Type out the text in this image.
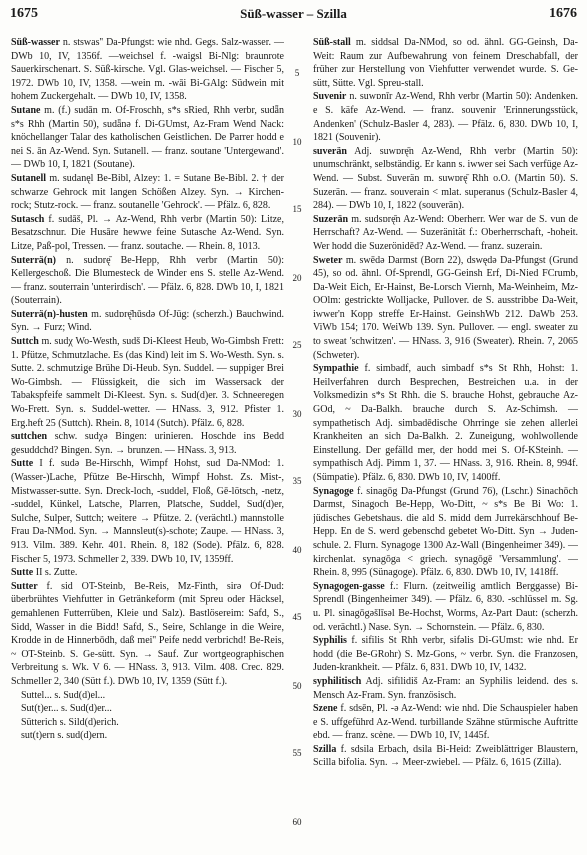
1675	Süß-wasser – Szilla	1676

Süß-wasser n. stswas'' Da-Pfungst: wie nhd. Gegs. Salz-wasser. — DWb 10, IV, 1356f. —weichsel f. -waigsl Bi-Nlg: braunrote Sauerkirschenart. S. Süß-kirsche. Vgl. Glas-weichsel. — Fischer 5, 1972. DWb 10, IV, 1358. —wein m. -wāi Bi-GAlg: Südwein mit hohem Zuckergehalt. — DWb 10, IV, 1358.

Sutane m. (f.) sudān m. Of-Froschh, s*s sRied, Rhh verbr, sudǟn s*s Rhh (Martin 50), sudǟnə f. Di-GUmst, Az-Fram Wend Nack: knöchellanger Talar des katholischen Geistlichen. De Parrer hodd e nei S. ān Az-Wend. Syn. Sutanell. — franz. soutane 'Untergewand'. — DWb 10, I, 1821 (Soutane).

Sutanell m. sudanęl Be-Bibl, Alzey: 1. = Sutane Be-Bibl. 2. † der schwarze Gehrock mit langen Schößen Alzey. Syn. → Kirchen-rock; Stutz-rock. — franz. soutanelle 'Gehrock'. — Pfälz. 6, 828.

Sutasch f. sudāš, Pl. → Az-Wend, Rhh verbr (Martin 50): Litze, Besatzschnur. Die Husāre hewwe feine Sutasche Az-Wend. Syn. Litze, Paß-pol, Tressen. — franz. soutache. — Rhein. 8, 1013.

Suterrä(n) n. sudɒrę̄ Be-Hepp, Rhh verbr (Martin 50): Kellergeschoß. Die Blumesteck de Winder ens S. stelle Az-Wend. — franz. souterrain 'unterirdisch'. — Pfälz. 6, 828. DWb 10, I, 1821 (Souterrain).

Suterrä(n)-husten m. sudɒrę̄hūsdə Of-Jüg: (scherzh.) Bauchwind. Syn. → Furz; Wind.

Suttch m. sudχ Wo-Westh, sudš Di-Kleest Heub, Wo-Gimbsh Frett: 1. Pfütze, Schmutzlache. Es (das Kind) leit im S. Wo-Westh. Syn. s. Sutte. 2. schmutzige Brühe Di-Heub. Syn. Suddel. — suppiger Brei Wo-Gimbsh. — Flüssigkeit, die sich im Wassersack der Tabakspfeife sammelt Di-Kleest. Syn. s. Sud(d)er. 3. Schneeregen Wo-Frett. Syn. s. Suddel-wetter. — HNass. 3, 912. Pfister 1. Erg.heft 25 (Suttch). Rhein. 8, 1014 (Sutch). Pfälz. 6, 828.

suttchen schw. sudχə Bingen: urinieren. Hoschde ins Bedd gesuddchd? Bingen. Syn. → brunzen. — HNass. 3, 913.

Sutte I f. sudə Be-Hirschh, Wimpf Hohst, sud Da-NMod: 1. (Wasser-)Lache, Pfütze Be-Hirschh, Wimpf Hohst. Zs. Mist-, Mistwasser-sutte. Syn. Dreck-loch, -suddel, Floß, Gē-lötsch, -netz, -suddel, Künkel, Latsche, Plarren, Platsche, Suddel, Sud(d)er, Sulche, Sulper, Suttch; weitere → Pfütze. 2. (verächtl.) mannstolle Frau Da-NMod. Syn. → Mannsleut(s)-schote; Zaupe. — HNass. 3, 913. Vilm. 389. Kehr. 401. Rhein. 8, 182 (Sode). Pfälz. 6, 828. Fischer 5, 1973. Schmeller 2, 339. DWb 10, IV, 1359ff.

Sutte II s. Zutte.

Sutter f. sid OT-Steinb, Be-Reis, Mz-Finth, sirə Of-Dud: überbrühtes Viehfutter in Getränkeform (mit Spreu oder Häcksel, gemahlenen Futterrüben, Kleie und Salz). Bastlösereim: Safd, S., Sidd, Wasser in die Bidd! Safd, S., Seire, Schlange in die Weire, Krodde in de Hinnerbōdh, daß mei'' Peife nedd verbrichd! Be-Reis, ~ OT-Steinb. S. Ge-sütt. Syn. → Sauf. Zur wortgeographischen Verbreitung s. Wk. V 6. — HNass. 3, 913. Vilm. 408. Crec. 829. Schmeller 2, 340 (Sütt f.). DWb 10, IV, 1359 (Sütt f.).

Suttel... s. Sud(d)el...

Sut(t)er... s. Sud(d)er...

Sütterich s. Sild(d)erich.

sut(t)ern s. sud(d)ern.

5
10
15
20
25
30
35
40
45
50
55
60

Süß-stall m. siddsal Da-NMod, so od. ähnl. GG-Geinsh, Da-Weit: Raum zur Aufbewahrung von feinem Dreschabfall, der früher zur Herstellung von Viehfutter verwendet wurde. S. Ge-sütt, Sütte. Vgl. Spreu-stall.

Suvenir n. suwɒnīr Az-Wend, Rhh verbr (Martin 50): Andenken. e S. käfe Az-Wend. — franz. souvenir 'Erinnerungsstück, Andenken' (Schulz-Basler 4, 283). — Pfälz. 6, 830. DWb 10, I, 1821 (Souvenir).

suverän Adj. suwɒrę̄n Az-Wend, Rhh verbr (Martin 50): unumschränkt, selbständig. Er kann s. iwwer sei Sach verfüge Az-Wend. — Subst. Suverän m. suwɒrę̄ Rhh o.O. (Martin 50). S. Suzerän. — franz. souverain < mlat. superanus (Schulz-Basler 4, 284). — DWb 10, I, 1822 (souverän).

Suzerän m. sudsɒrę̄n Az-Wend: Oberherr. Wer war de S. vun de Herrschaft? Az-Wend. — Suzeränität f.: Oberherrschaft, -hoheit. Wer hodd die Suzerönidēd? Az-Wend. — franz. suzerain.

Sweter m. swēdə Darmst (Born 22), dswędə Da-Pfungst (Grund 45), so od. ähnl. Of-Sprendl, GG-Geinsh Erf, Di-Nied FCrumb, Da-Weit Eich, Er-Hainst, Be-Lorsch Viernh, Ma-Weinheim, Mz-OOlm: gestrickte Wolljacke, Pullover. de S. ausstribbe Da-Weit, iwwer'n Kopp streffe Er-Hainst. GeinshWb 212. DaWb 253. ViWb 154; 170. WeiWb 139. Syn. Pullover. — engl. sweater zu to sweat 'schwitzen'. — HNass. 3, 916 (Sweater). Rhein. 7, 2065 (Schweter).

Sympathie f. simbadf, auch simbadf s*s St Rhh, Hohst: 1. Heilverfahren durch Besprechen, Bestreichen u.a. in der Volksmedizin s*s St Rhh. die S. brauche Hohst, gebrauche Az-GOd, ~ Da-Balkh. brauche durch S. Az-Schimsh. — sympathetisch Adj. simbadēdische Ohrringe sie zehen allerlei Krankheiten an sich Da-Balkh. 2. Zuneigung, wohlwollende Einstellung. Der gefälld mer, der hodd mei S. Of-KSteinh. — sympathisch Adj. Pimm 1, 37. — HNass. 3, 916. Rhein. 8, 994f. (Sümpatie). Pfälz. 6, 830. DWb 10, IV, 1400ff.

Synagoge f. sinagōg Da-Pfungst (Grund 76), (Lschr.) Sinachōch Darmst, Sinagoch Be-Hepp, Wo-Ditt, ~ s*s Be Bi Wo: 1. jüdisches Gebetshaus. die ald S. midd dem Jurrekärschhouf Be-Hepp. En de S. werd gebenschd gebetet Wo-Ditt. Syn → Juden-schule. 2. Flurn. Synagoge 1300 Az-Wall (Bingenheimer 349). — kirchenlat. synagōga < griech. synagōgē 'Versammlung'. — Rhein. 8, 995 (Sünagoge). Pfälz. 6, 830. DWb 10, IV, 1418ff.

Synagogen-gasse f.: Flurn. (zeitweilig amtlich Berggasse) Bi-Sprendl (Bingenheimer 349). — Pfälz. 6, 830. -schlüssel m. Sg. u. Pl. sinagōgəšlīsəl Be-Hochst, Worms, Az-Part Daut: (scherzh. od. verächtl.) Nase. Syn. → Schornstein. — Pfälz. 6, 830.

Syphilis f. sifilis St Rhh verbr, sifəlis Di-GUmst: wie nhd. Er hodd (die Be-GRohr) S. Mz-Gons, ~ verbr. Syn. die Franzosen, Juden-krankheit. — Pfälz. 6, 831. DWb 10, IV, 1432.

syphilitisch Adj. sifilidiš Az-Fram: an Syphilis leidend. des s. Mensch Az-Fram. Syn. französisch.

Szene f. sdsēn, Pl. -ə Az-Wend: wie nhd. Die Schauspieler haben e S. uffgeführd Az-Wend. turbillande Szähne stürmische Auftritte ebd. — franz. scène. — DWb 10, IV, 1445f.

Szilla f. sdsila Erbach, dsila Bi-Heid: Zweiblättriger Blaustern, Scilla bifolia. Syn. → Meer-zwiebel. — Pfälz. 6, 1615 (Zilla).
